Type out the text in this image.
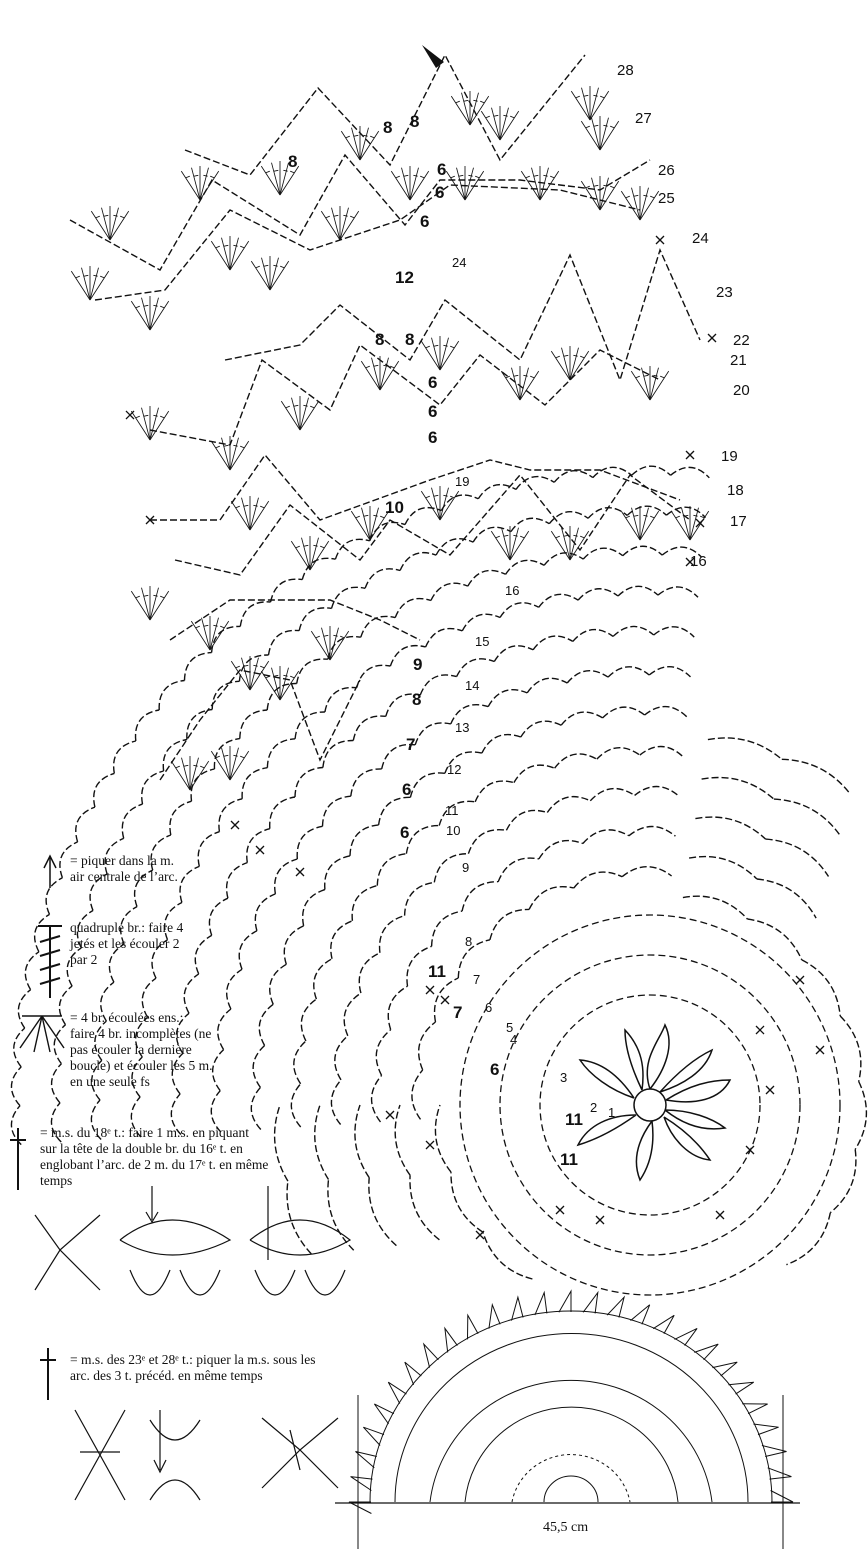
= piquer dans la m.
air centrale de l’arc.
quadruple br.: faire 4
jetés et les écouler 2
par 2
= 4 br. écoulées ens.:
faire 4 br. incomplètes (ne
pas écouler la dernière
boucle) et écouler les 5 m.
en une seule fs
= m.s. du 18ᵉ t.: faire 1 m.s. en piquant
sur la tête de la double br. du 16ᵉ t. en
englobant l’arc. de 2 m. du 17ᵉ t. en même
temps
= m.s. des 23ᵉ et 28ᵉ t.: piquer la m.s. sous les
arc. des 3 t. précéd. en même temps
45,5 cm
28
27
26
25
24
23
22
21
20
19
18
17
16
24
19
16
15
14
13
12
11
10
9
8
7
6
5
4
3
2 1
8
8 8
6
6
6
12
8 8
6
6
6
10
9
8
7
6
6
11
7
6
11
11
